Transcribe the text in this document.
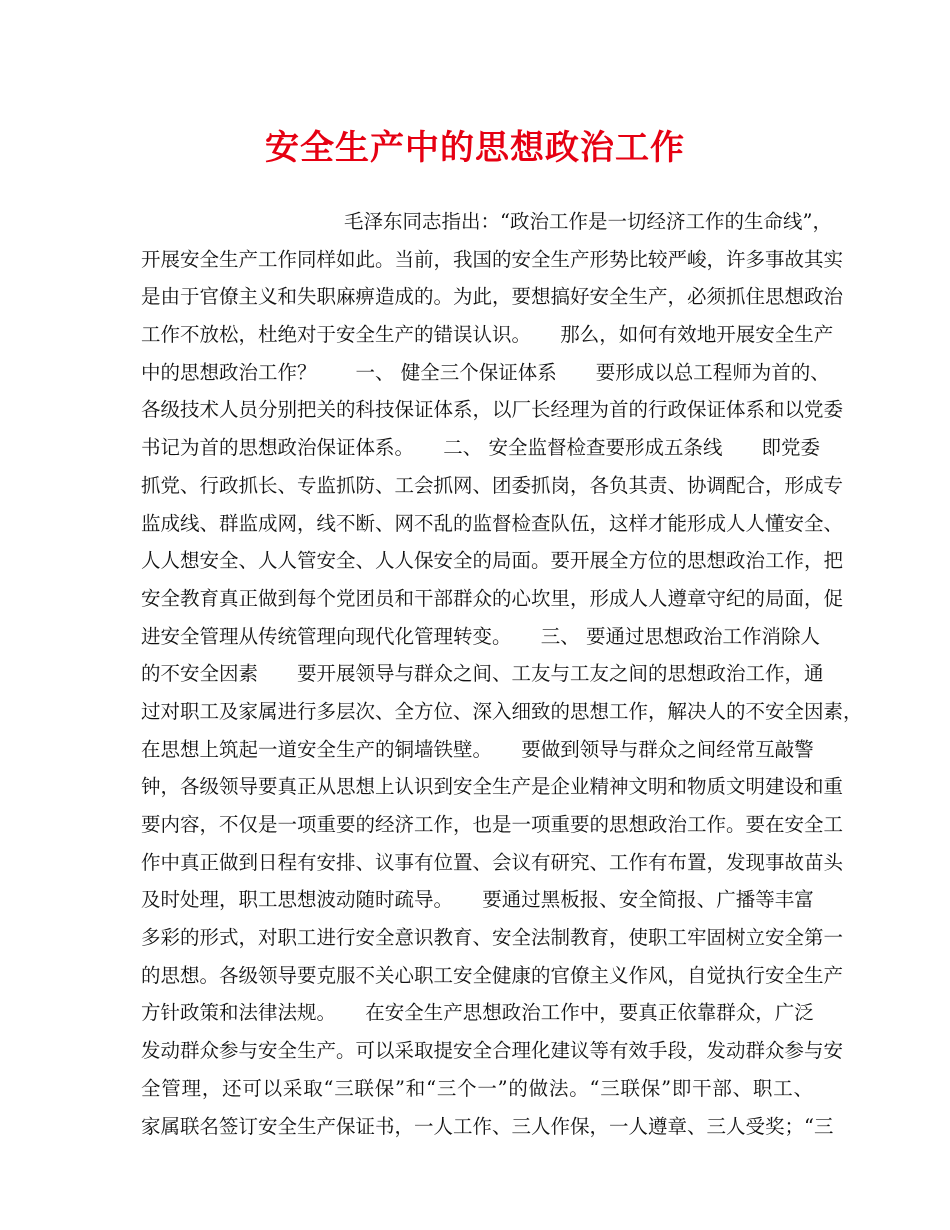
安全生产中的思想政治工作
毛泽东同志指出：“政治工作是一切经济工作的生命线”，
开展安全生产工作同样如此。当前，我国的安全生产形势比较严峻，许多事故其实
是由于官僚主义和失职麻痹造成的。为此，要想搞好安全生产，必须抓住思想政治
工作不放松，杜绝对于安全生产的错误认识。　　那么，如何有效地开展安全生产
中的思想政治工作？　　一、 健全三个保证体系　　要形成以总工程师为首的、
各级技术人员分别把关的科技保证体系，以厂长经理为首的行政保证体系和以党委
书记为首的思想政治保证体系。　　二、 安全监督检查要形成五条线　　即党委
抓党、行政抓长、专监抓防、工会抓网、团委抓岗，各负其责、协调配合，形成专
监成线、群监成网，线不断、网不乱的监督检查队伍，这样才能形成人人懂安全、
人人想安全、人人管安全、人人保安全的局面。要开展全方位的思想政治工作，把
安全教育真正做到每个党团员和干部群众的心坎里，形成人人遵章守纪的局面，促
进安全管理从传统管理向现代化管理转变。　　三、 要通过思想政治工作消除人
的不安全因素　　要开展领导与群众之间、工友与工友之间的思想政治工作，通
过对职工及家属进行多层次、全方位、深入细致的思想工作，解决人的不安全因素，
在思想上筑起一道安全生产的铜墙铁壁。　　要做到领导与群众之间经常互敲警
钟，各级领导要真正从思想上认识到安全生产是企业精神文明和物质文明建设和重
要内容，不仅是一项重要的经济工作，也是一项重要的思想政治工作。要在安全工
作中真正做到日程有安排、议事有位置、会议有研究、工作有布置，发现事故苗头
及时处理，职工思想波动随时疏导。　　要通过黑板报、安全简报、广播等丰富
多彩的形式，对职工进行安全意识教育、安全法制教育，使职工牢固树立安全第一
的思想。各级领导要克服不关心职工安全健康的官僚主义作风，自觉执行安全生产
方针政策和法律法规。　　在安全生产思想政治工作中，要真正依靠群众，广泛
发动群众参与安全生产。可以采取提安全合理化建议等有效手段，发动群众参与安
全管理，还可以采取“三联保”和“三个一”的做法。“三联保”即干部、职工、
家属联名签订安全生产保证书，一人工作、三人作保，一人遵章、三人受奖；“三
